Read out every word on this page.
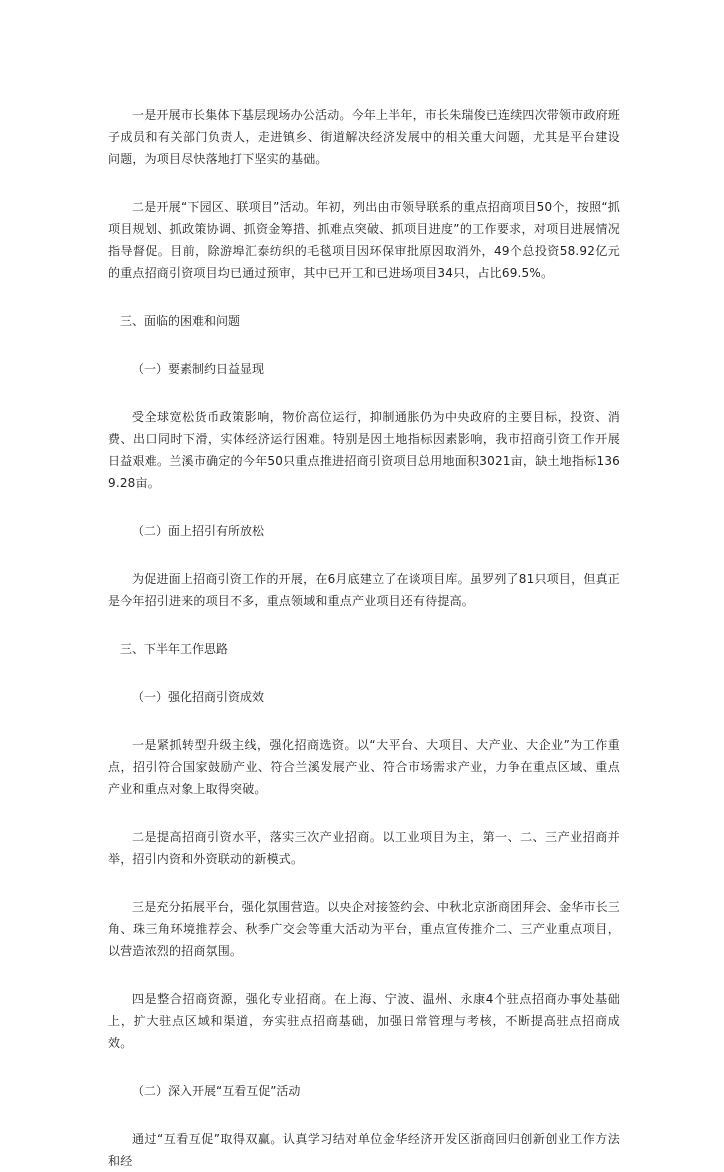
一是开展市长集体下基层现场办公活动。今年上半年，市长朱瑞俊已连续四次带领市政府班子成员和有关部门负责人，走进镇乡、街道解决经济发展中的相关重大问题，尤其是平台建设问题，为项目尽快落地打下坚实的基础。

二是开展“下园区、联项目”活动。年初，列出由市领导联系的重点招商项目50个，按照“抓项目规划、抓政策协调、抓资金筹措、抓难点突破、抓项目进度”的工作要求，对项目进展情况指导督促。目前，除游埠汇泰纺织的毛毯项目因环保审批原因取消外，49个总投资58.92亿元的重点招商引资项目均已通过预审，其中已开工和已进场项目34只，占比69.5%。

三、面临的困难和问题

（一）要素制约日益显现

受全球宽松货币政策影响，物价高位运行，抑制通胀仍为中央政府的主要目标，投资、消费、出口同时下滑，实体经济运行困难。特别是因土地指标因素影响，我市招商引资工作开展日益艰难。兰溪市确定的今年50只重点推进招商引资项目总用地面积3021亩，缺土地指标1369.28亩。

（二）面上招引有所放松

为促进面上招商引资工作的开展，在6月底建立了在谈项目库。虽罗列了81只项目，但真正是今年招引进来的项目不多，重点领域和重点产业项目还有待提高。

三、下半年工作思路

（一）强化招商引资成效

一是紧抓转型升级主线，强化招商选资。以“大平台、大项目、大产业、大企业”为工作重点，招引符合国家鼓励产业、符合兰溪发展产业、符合市场需求产业，力争在重点区域、重点产业和重点对象上取得突破。

二是提高招商引资水平，落实三次产业招商。以工业项目为主，第一、二、三产业招商并举，招引内资和外资联动的新模式。

三是充分拓展平台，强化氛围营造。以央企对接签约会、中秋北京浙商团拜会、金华市长三角、珠三角环境推荐会、秋季广交会等重大活动为平台，重点宣传推介二、三产业重点项目，以营造浓烈的招商氛围。

四是整合招商资源，强化专业招商。在上海、宁波、温州、永康4个驻点招商办事处基础上，扩大驻点区域和渠道，夯实驻点招商基础，加强日常管理与考核，不断提高驻点招商成效。

（二）深入开展“互看互促”活动

通过“互看互促”取得双赢。认真学习结对单位金华经济开发区浙商回归创新创业工作方法和经
